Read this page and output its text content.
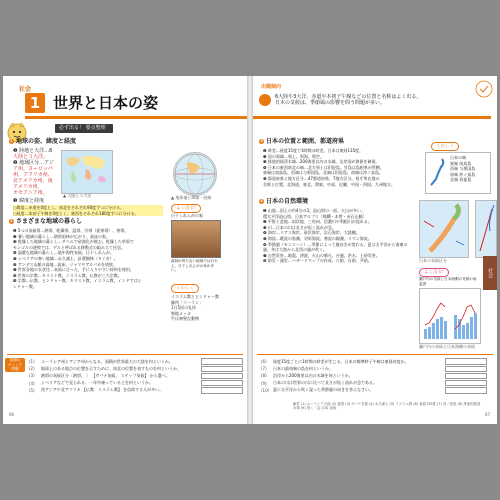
社会
1 世界と日本の姿
必ず出る！ 要点整理
1 地球の姿、緯度と経度
❶ 陸地と大洋…6
大陸と３大洋。
❷ 地域区分…アジ
ア州、ヨーロッパ
州、アフリカ州、
北アメリカ州、南
アメリカ州、
オセアニア州。
❸ 緯度と経度
○緯度…赤道を0度とし、南北をそれぞれ90度ずつに分ける。
○経度…本初子午線を0度とし、東西をそれぞれ180度ずつに分ける。
▲ 大陸と３大洋	▲ 地球儀と緯線・経線
2 さまざまな地域の暮らし
❶ 5つの気候帯…熱帯、乾燥帯、温帯、冷帯（亜寒帯）、寒帯。
❷ 暑い地域の暮らし…熱帯雨林が広がり、高床の家。
❸ 乾燥した地域の暮らし…サヘルで砂漠化が進む。乾燥した草原で
モンゴルの遊牧では、ゲルと呼ばれる移動式の組み立て住居。
❹ 温暖な地域の暮らし…地中海性気候、日干しれんが。
❺ シベリアの寒い地域…永久凍土、針葉樹林（タイガ）。
❻ アンデス山脈の高地…高床、リャマやアルパカを放牧。
❼ 世界各地の衣食住…気候に合った、手に入りやすい材料を使用。
❽ 世界の宗教…キリスト教、イスラム教、仏教が三大宗教。
❾ 宗教…仏教、ヒンドゥー教、キリスト教、イスラム教、インドではヒ
ンドゥー教。
よく出る!
日干しれんがの家
森林が育たない地域では石や土、日干しれんがの家が多い。
くわしく
イスラム教とヒンドゥー教
豚肉「コーラン」
1日5回の礼拝
聖地メッカ
牛は神聖な動物
基礎の
チェック
問題
(1)	ユーラシア州とアジア州からなる、面積が世界最大の大陸を何というか。
(2)	地球上のある地点の位置を示すために、南北の位置を表すものを何というか。
(3)	熱帯の気候区分〔熱帯、 〕 【サバナ気候、 ステップ気候】 から選べ。
(4)	シベリアなどで見られる、一年中凍っている土を何というか。
(5)	西アジアや北アフリカ 【仏教　イスラム教】 を信仰する人が多い。
66
出題傾向
6大陸や3大洋、赤道や本初子午線などの位置と名称はよく出る。
日本の気候は、季節風の影響を問う問題が多い。
3 日本の位置と範囲、都道府県
❶ 時差…経度15度で1時間の時差。日本は東経135度。
❷ 国の領域…領土、領海、領空。
❸ 排他的経済水域…200海里以内の水域。沿岸国が資源を確保。
❹ 日本の東西南北の端…北方領土は択捉島。竹島は島根県が管轄。
東端は南鳥島、西端は与那国島、北端は択捉島、南端は沖ノ鳥島。
❺ 都道府県と地方区分…47都道府県、7地方区分。県庁所在地の
名称と位置、北海道、東北、関東、中部、近畿、中国・四国、九州地方。
くわしく
日本の端
東端 南鳥島
西端 与那国島
南端 沖ノ鳥島
北端 択捉島
4 日本の自然環境
❶ 山地…国土の約4分の3。造山帯の一部。火山が多い。
環太平洋造山帯、日本アルプス（飛驒・木曽・赤石山脈）
❷ 平野と盆地…扇状地、三角州、信濃川や利根川が流れる。
❸ 川…日本の川は長さが短く流れが急。
❹ 海岸…リアス海岸、砂浜海岸、岩石海岸、大陸棚。
❺ 海流…暖流の黒潮、対馬海流、寒流の親潮、リマン海流。
❻ 季節風（モンスーン）…季節によって風向きが変わる。夏は太平洋から南東の風、冬は大陸から北西の風が吹く。
❼ 自然災害…地震、津波、火山の噴火、台風、洪水、土砂災害。
❽ 防災・減災…ハザードマップの作成、公助、自助、共助。	日本の気候区分
よく出る!
瀬戸内の気候と日本海側の気候の雨温図
瀬戸内の気候と日本海側の気候
社会
(6)	経度15度ごとに1時間の時差が生じる。日本の標準時子午線は東経何度か。
(7)	日本の最南端の島を何というか。
(8)	沿岸から200海里以内の水域を何というか。
(9)	日本の川は世界の川に比べて長さが短く流れが急である。
(10) 夏に太平洋から吹く湿った季節風の向きを答えなさい。
解答 (1) ユーラシア大陸 (2) 緯度 (3) サバナ気候 (4) 永久凍土 (5) イスラム教 (6) 東経135度 (7) 沖ノ鳥島 (8) 排他的経済水域 (9) 短く・急 (10) 南東
67
